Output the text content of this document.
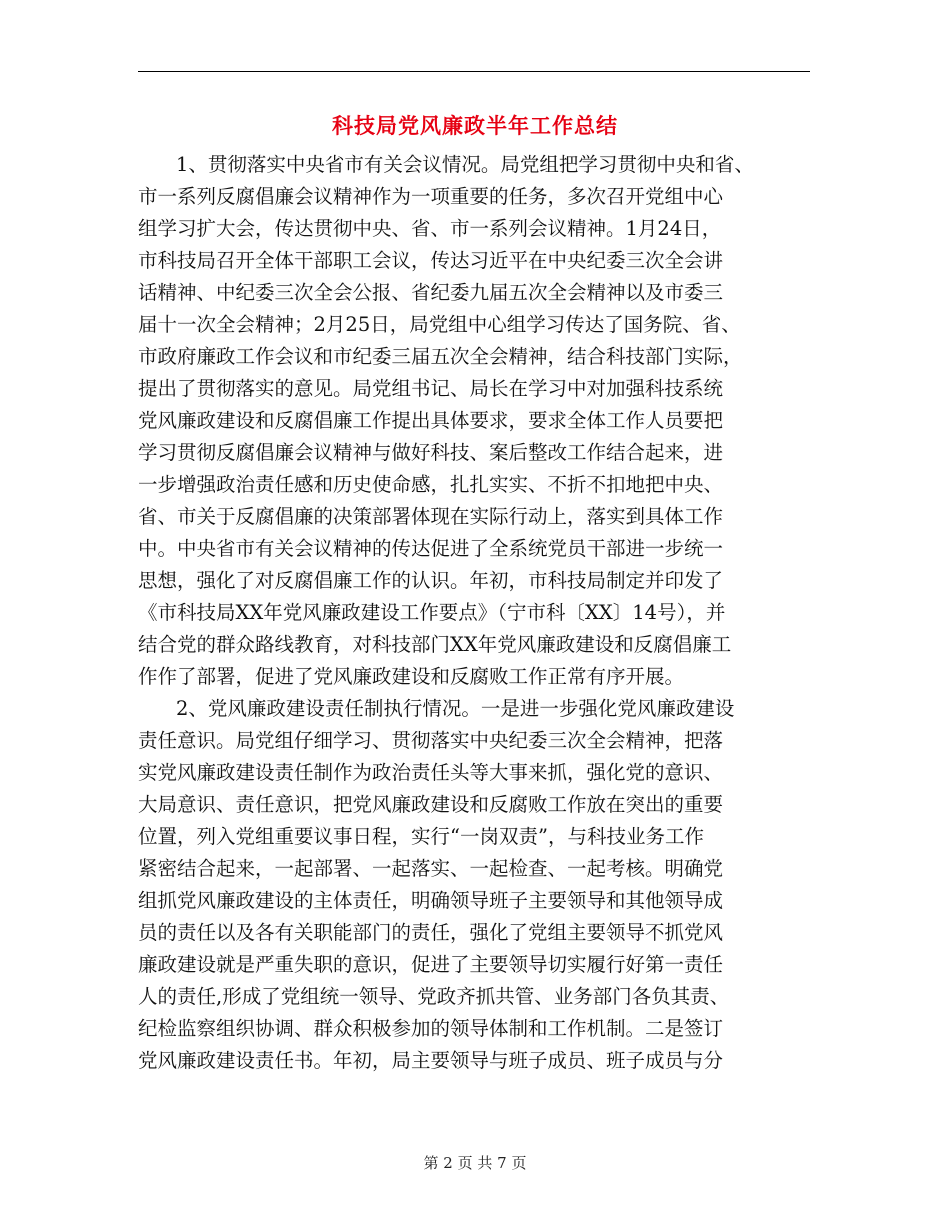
科技局党风廉政半年工作总结
1、贯彻落实中央省市有关会议情况。局党组把学习贯彻中央和省、
市一系列反腐倡廉会议精神作为一项重要的任务，多次召开党组中心
组学习扩大会，传达贯彻中央、省、市一系列会议精神。1月24日，
市科技局召开全体干部职工会议，传达习近平在中央纪委三次全会讲
话精神、中纪委三次全会公报、省纪委九届五次全会精神以及市委三
届十一次全会精神；2月25日，局党组中心组学习传达了国务院、省、
市政府廉政工作会议和市纪委三届五次全会精神，结合科技部门实际，
提出了贯彻落实的意见。局党组书记、局长在学习中对加强科技系统
党风廉政建设和反腐倡廉工作提出具体要求，要求全体工作人员要把
学习贯彻反腐倡廉会议精神与做好科技、案后整改工作结合起来，进
一步增强政治责任感和历史使命感，扎扎实实、不折不扣地把中央、
省、市关于反腐倡廉的决策部署体现在实际行动上，落实到具体工作
中。中央省市有关会议精神的传达促进了全系统党员干部进一步统一
思想，强化了对反腐倡廉工作的认识。年初，市科技局制定并印发了
《市科技局XX年党风廉政建设工作要点》（宁市科〔XX〕14号），并
结合党的群众路线教育，对科技部门XX年党风廉政建设和反腐倡廉工
作作了部署，促进了党风廉政建设和反腐败工作正常有序开展。
2、党风廉政建设责任制执行情况。一是进一步强化党风廉政建设
责任意识。局党组仔细学习、贯彻落实中央纪委三次全会精神，把落
实党风廉政建设责任制作为政治责任头等大事来抓，强化党的意识、
大局意识、责任意识，把党风廉政建设和反腐败工作放在突出的重要
位置，列入党组重要议事日程，实行“一岗双责”，与科技业务工作
紧密结合起来，一起部署、一起落实、一起检查、一起考核。明确党
组抓党风廉政建设的主体责任，明确领导班子主要领导和其他领导成
员的责任以及各有关职能部门的责任，强化了党组主要领导不抓党风
廉政建设就是严重失职的意识，促进了主要领导切实履行好第一责任
人的责任,形成了党组统一领导、党政齐抓共管、业务部门各负其责、
纪检监察组织协调、群众积极参加的领导体制和工作机制。二是签订
党风廉政建设责任书。年初，局主要领导与班子成员、班子成员与分
第 2 页 共 7 页
